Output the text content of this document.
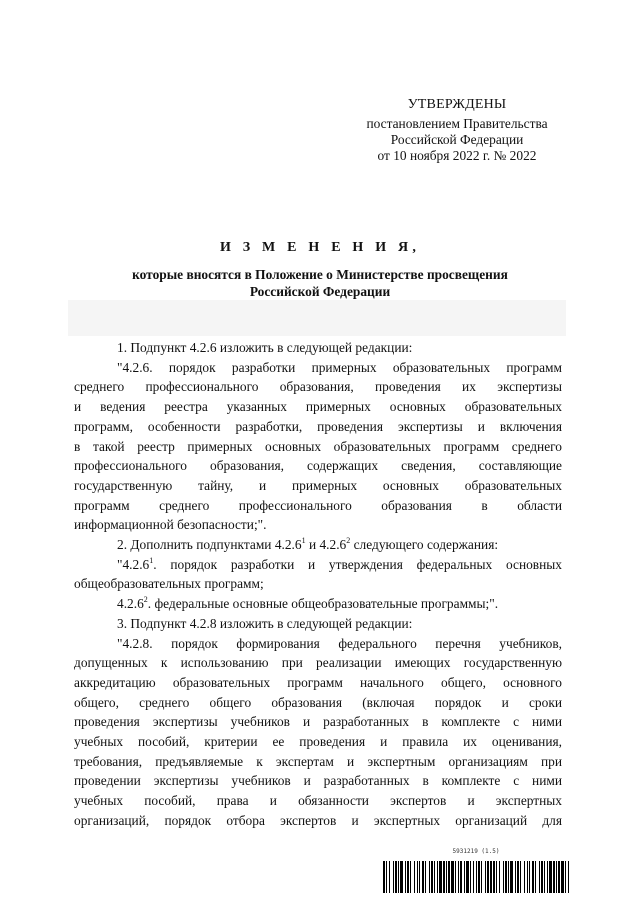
УТВЕРЖДЕНЫ
постановлением Правительства
Российской Федерации
от 10 ноября 2022 г. № 2022
И З М Е Н Е Н И Я,
которые вносятся в Положение о Министерстве просвещения
Российской Федерации

1. Подпункт 4.2.6 изложить в следующей редакции:

"4.2.6. порядок разработки примерных образовательных программ
среднего профессионального образования, проведения их экспертизы
и ведения реестра указанных примерных основных образовательных
программ, особенности разработки, проведения экспертизы и включения
в такой реестр примерных основных образовательных программ среднего
профессионального образования, содержащих сведения, составляющие
государственную тайну, и примерных основных образовательных
программ среднего профессионального образования в области
информационной безопасности;".

2. Дополнить подпунктами 4.2.6$^1$ и 4.2.6$^2$ следующего содержания:

"4.2.6$^1$. порядок разработки и утверждения федеральных основных
общеобразовательных программ;

4.2.6$^2$. федеральные основные общеобразовательные программы;".

3. Подпункт 4.2.8 изложить в следующей редакции:

"4.2.8. порядок формирования федерального перечня учебников,
допущенных к использованию при реализации имеющих государственную
аккредитацию образовательных программ начального общего, основного
общего, среднего общего образования (включая порядок и сроки
проведения экспертизы учебников и разработанных в комплекте с ними
учебных пособий, критерии ее проведения и правила их оценивания,
требования, предъявляемые к экспертам и экспертным организациям при
проведении экспертизы учебников и разработанных в комплекте с ними
учебных пособий, права и обязанности экспертов и экспертных
организаций, порядок отбора экспертов и экспертных организаций для

5931219 (1.5)
